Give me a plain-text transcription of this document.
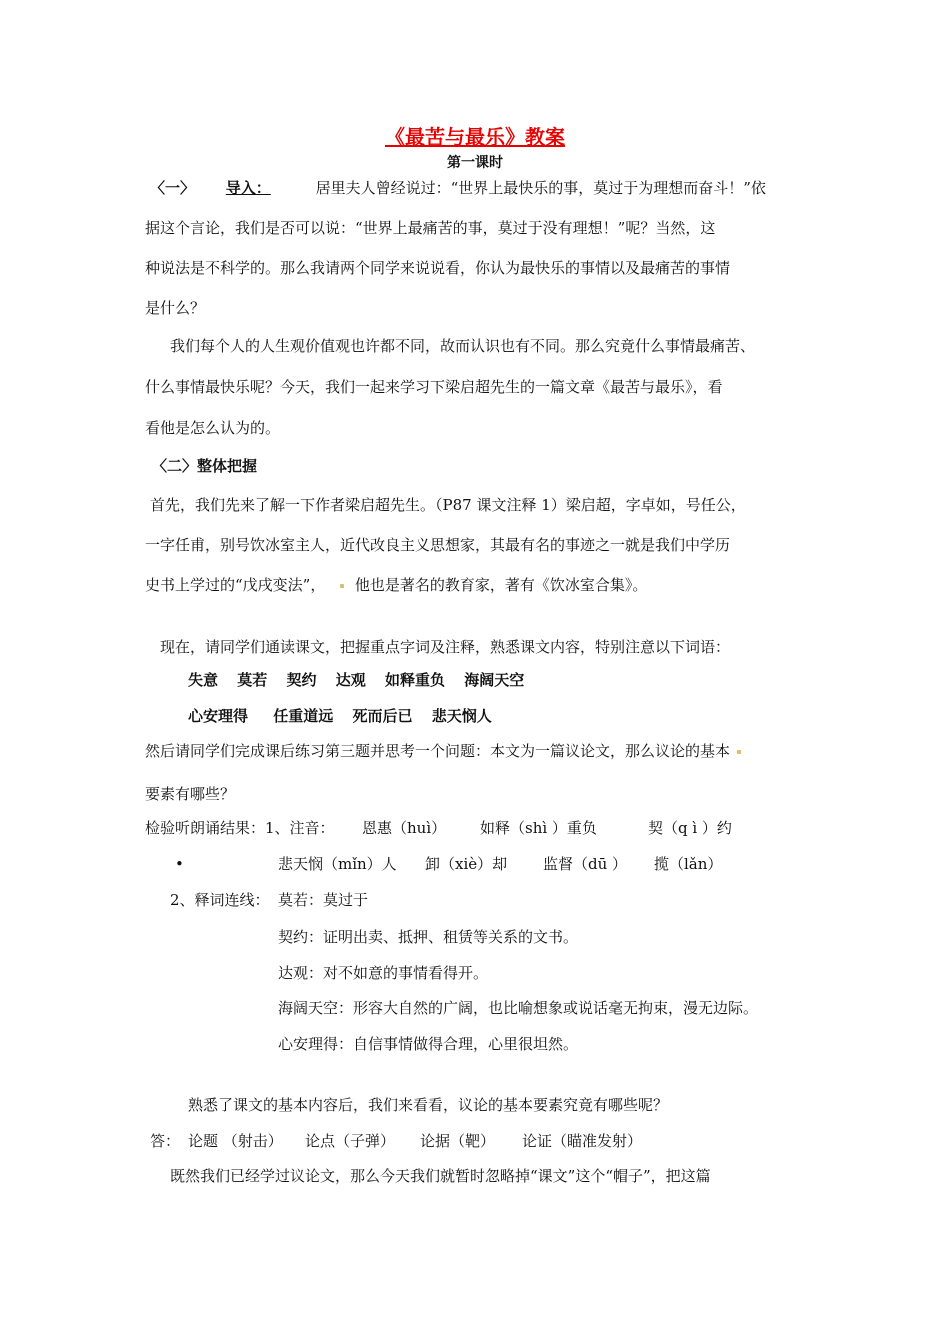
《最苦与最乐》教案
第一课时
〈一〉 导入：	居里夫人曾经说过：“世界上最快乐的事，莫过于为理想而奋斗！”依
据这个言论，我们是否可以说：“世界上最痛苦的事，莫过于没有理想！”呢？当然，这
种说法是不科学的。那么我请两个同学来说说看，你认为最快乐的事情以及最痛苦的事情
是什么？
我们每个人的人生观价值观也许都不同，故而认识也有不同。那么究竟什么事情最痛苦、
什么事情最快乐呢？今天，我们一起来学习下梁启超先生的一篇文章《最苦与最乐》，看
看他是怎么认为的。
〈二〉整体把握
首先，我们先来了解一下作者梁启超先生。（P87 课文注释 1）梁启超，字卓如，号任公，
一字任甫，别号饮冰室主人，近代改良主义思想家，其最有名的事迹之一就是我们中学历
史书上学过的“戊戌变法”， 他也是著名的教育家，著有《饮冰室合集》。
现在，请同学们通读课文，把握重点字词及注释，熟悉课文内容，特别注意以下词语：
失意 莫若 契约 达观 如释重负 海阔天空
心安理得 任重道远 死而后已 悲天悯人
然后请同学们完成课后练习第三题并思考一个问题：本文为一篇议论文，那么议论的基本
要素有哪些？
检验听朗诵结果：1、注音： 恩惠（huì） 如释（shì ）重负	契（q ì ）约
•	悲天悯（mǐn）人 卸（xiè）却 监督（dū ） 揽（lǎn）
2、释词连线： 莫若：莫过于
契约：证明出卖、抵押、租赁等关系的文书。
达观：对不如意的事情看得开。
海阔天空：形容大自然的广阔，也比喻想象或说话毫无拘束，漫无边际。
心安理得：自信事情做得合理，心里很坦然。
熟悉了课文的基本内容后，我们来看看，议论的基本要素究竟有哪些呢？
答： 论题 （射击） 论点（子弹） 论据（靶） 论证（瞄准发射）
既然我们已经学过议论文，那么今天我们就暂时忽略掉“课文”这个“帽子”，把这篇
